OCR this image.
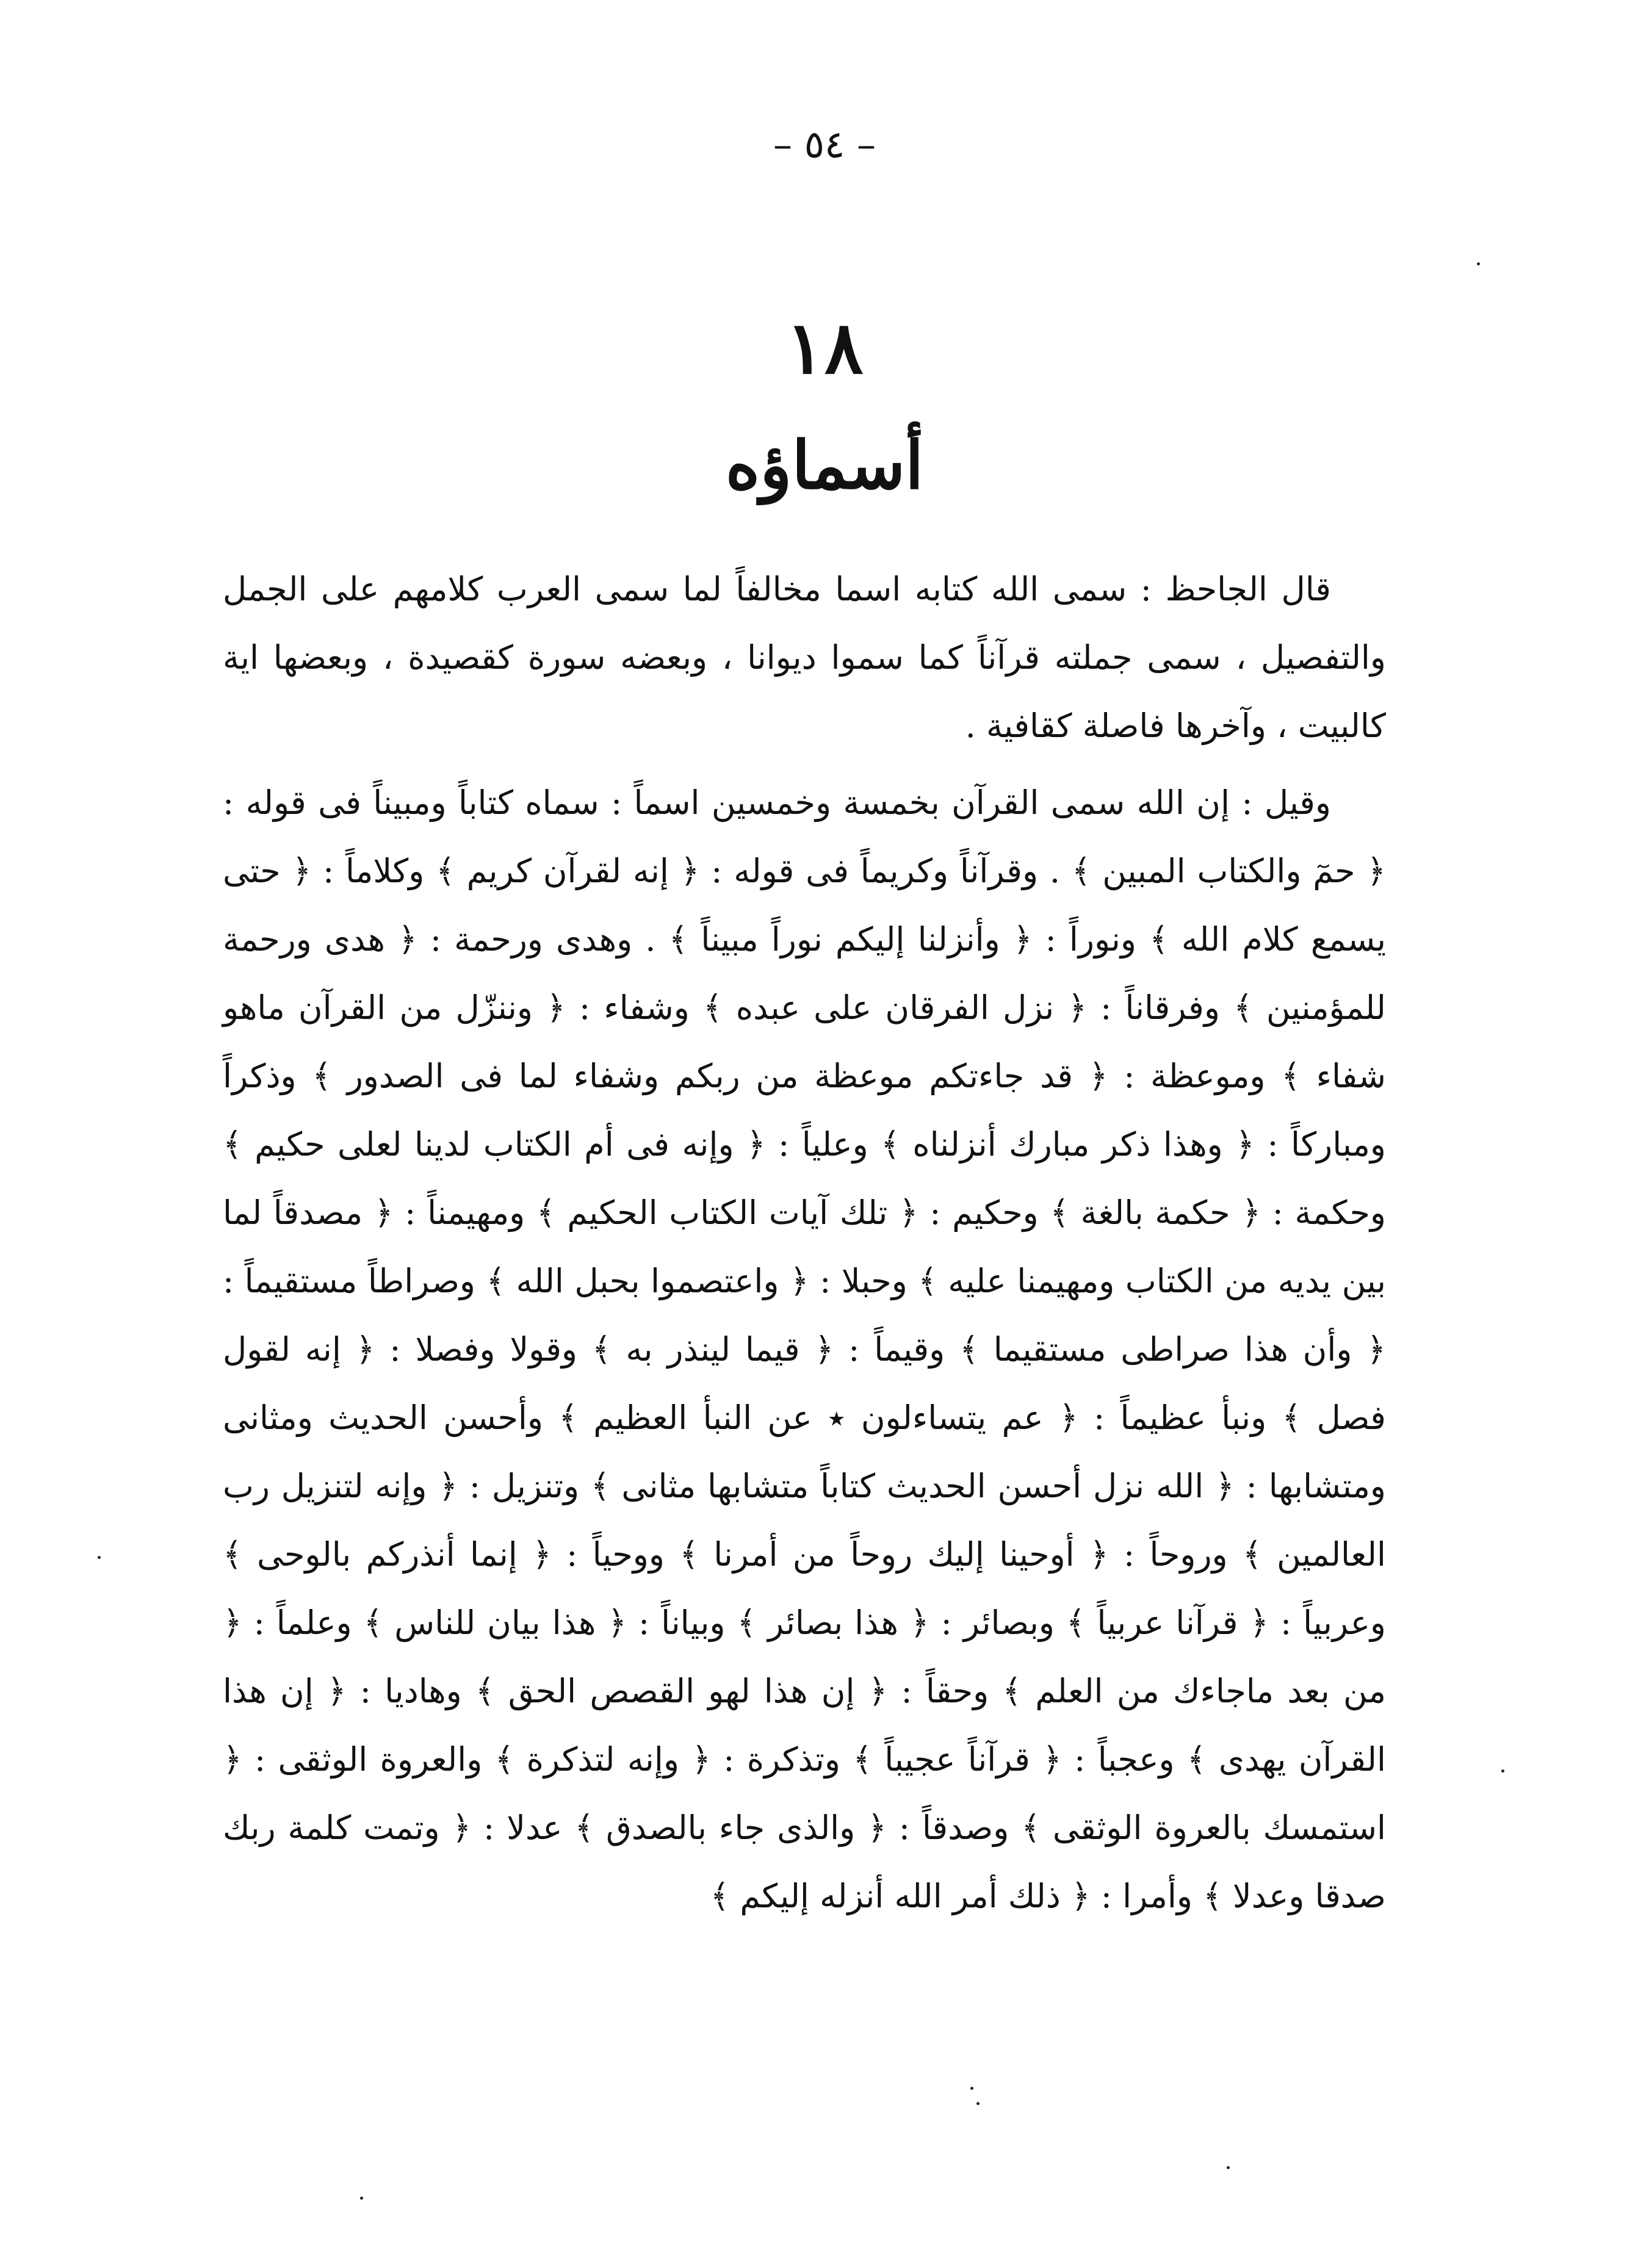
– ٥٤ –
١٨
أسماؤه

قال الجاحظ : سمى الله كتابه اسما مخالفاً لما سمى العرب كلامهم على الجمل والتفصيل ، سمى جملته قرآناً كما سموا ديوانا ، وبعضه سورة كقصيدة ، وبعضها اية كالبيت ، وآخرها فاصلة كقافية .

وقيل : إن الله سمى القرآن بخمسة وخمسين اسماً : سماه كتاباً ومبيناً فى قوله : ﴿ حمٓ والكتاب المبين ﴾ . وقرآناً وكريماً فى قوله : ﴿ إنه لقرآن كريم ﴾ وكلاماً : ﴿ حتى يسمع كلام الله ﴾ ونوراً : ﴿ وأنزلنا إليكم نوراً مبيناً ﴾ . وهدى ورحمة : ﴿ هدى ورحمة للمؤمنين ﴾ وفرقاناً : ﴿ نزل الفرقان على عبده ﴾ وشفاء : ﴿ وننزّل من القرآن ماهو شفاء ﴾ وموعظة : ﴿ قد جاءتكم موعظة من ربكم وشفاء لما فى الصدور ﴾ وذكراً ومباركاً : ﴿ وهذا ذكر مبارك أنزلناه ﴾ وعلياً : ﴿ وإنه فى أم الكتاب لدينا لعلى حكيم ﴾ وحكمة : ﴿ حكمة بالغة ﴾ وحكيم : ﴿ تلك آيات الكتاب الحكيم ﴾ ومهيمناً : ﴿ مصدقاً لما بين يديه من الكتاب ومهيمنا عليه ﴾ وحبلا : ﴿ واعتصموا بحبل الله ﴾ وصراطاً مستقيماً : ﴿ وأن هذا صراطى مستقيما ﴾ وقيماً : ﴿ قيما لينذر به ﴾ وقولا وفصلا : ﴿ إنه لقول فصل ﴾ ونبأ عظيماً : ﴿ عم يتساءلون ٭ عن النبأ العظيم ﴾ وأحسن الحديث ومثانى ومتشابها : ﴿ الله نزل أحسن الحديث كتاباً متشابها مثانى ﴾ وتنزيل : ﴿ وإنه لتنزيل رب العالمين ﴾ وروحاً : ﴿ أوحينا إليك روحاً من أمرنا ﴾ ووحياً : ﴿ إنما أنذركم بالوحى ﴾ وعربياً : ﴿ قرآنا عربياً ﴾ وبصائر : ﴿ هذا بصائر ﴾ وبياناً : ﴿ هذا بيان للناس ﴾ وعلماً : ﴿ من بعد ماجاءك من العلم ﴾ وحقاً : ﴿ إن هذا لهو القصص الحق ﴾ وهاديا : ﴿ إن هذا القرآن يهدى ﴾ وعجباً : ﴿ قرآناً عجيباً ﴾ وتذكرة : ﴿ وإنه لتذكرة ﴾ والعروة الوثقى : ﴿ استمسك بالعروة الوثقى ﴾ وصدقاً : ﴿ والذى جاء بالصدق ﴾ عدلا : ﴿ وتمت كلمة ربك صدقا وعدلا ﴾ وأمرا : ﴿ ذلك أمر الله أنزله إليكم ﴾
